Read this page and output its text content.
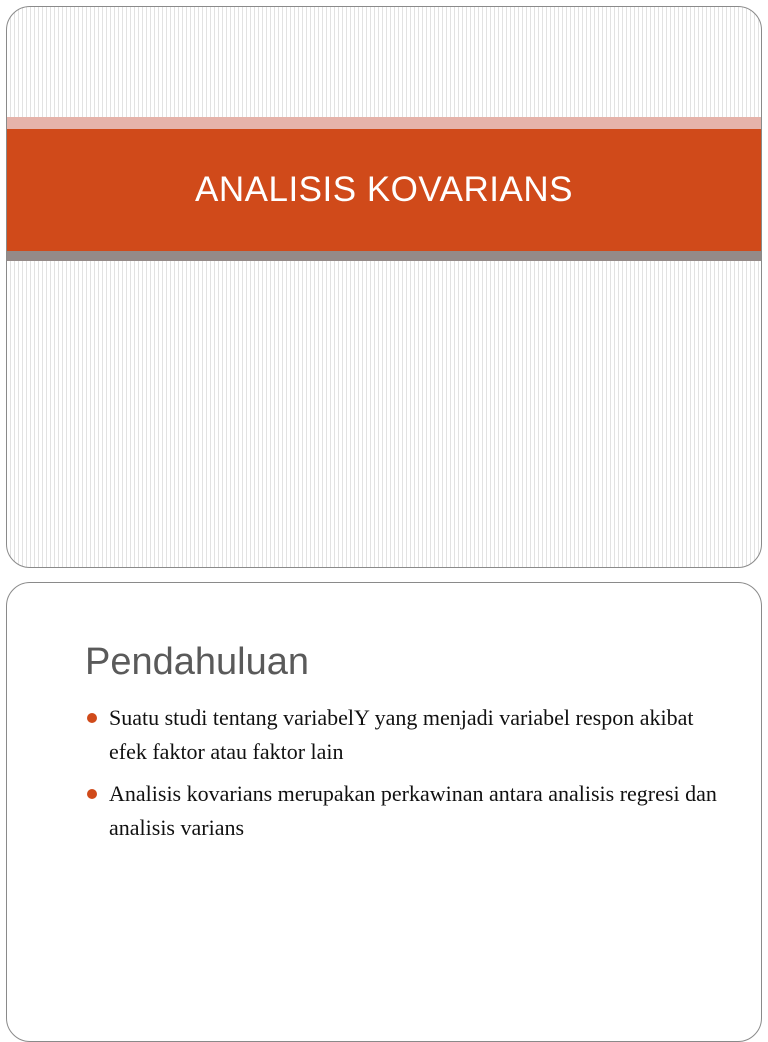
ANALISIS KOVARIANS
Pendahuluan
Suatu studi tentang variabelY yang menjadi variabel respon akibat efek faktor atau faktor lain
Analisis kovarians merupakan perkawinan antara analisis regresi dan analisis varians
